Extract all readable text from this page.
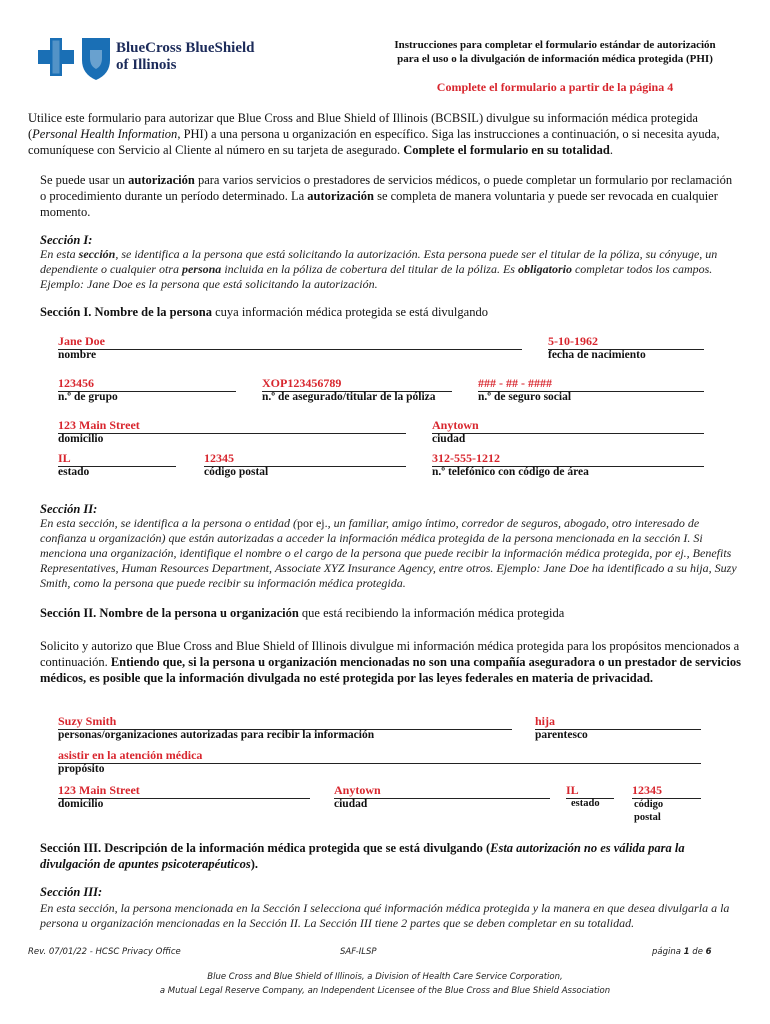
BlueCross BlueShield
of Illinois
Instrucciones para completar el formulario estándar de autorización
para el uso o la divulgación de información médica protegida (PHI)
Complete el formulario a partir de la página 4
Utilice este formulario para autorizar que Blue Cross and Blue Shield of Illinois (BCBSIL) divulgue su información médica protegida (Personal Health Information, PHI) a una persona u organización en específico. Siga las instrucciones a continuación, o si necesita ayuda, comuníquese con Servicio al Cliente al número en su tarjeta de asegurado. Complete el formulario en su totalidad.
Se puede usar un autorización para varios servicios o prestadores de servicios médicos, o puede completar un formulario por reclamación o procedimiento durante un período determinado. La autorización se completa de manera voluntaria y puede ser revocada en cualquier momento.
Sección I:
En esta sección, se identifica a la persona que está solicitando la autorización. Esta persona puede ser el titular de la póliza, su cónyuge, un dependiente o cualquier otra persona incluida en la póliza de cobertura del titular de la póliza. Es obligatorio completar todos los campos. Ejemplo: Jane Doe es la persona que está solicitando la autorización.
Sección I. Nombre de la persona cuya información médica protegida se está divulgando
Jane Doe
nombre
5-10-1962
fecha de nacimiento
123456
n.º de grupo
XOP123456789
n.º de asegurado/titular de la póliza
### - ## - ####
n.º de seguro social
123 Main Street
domicilio
Anytown
ciudad
IL
estado
12345
código postal
312-555-1212
n.º telefónico con código de área
Sección II:
En esta sección, se identifica a la persona o entidad (por ej., un familiar, amigo íntimo, corredor de seguros, abogado, otro interesado de confianza u organización) que están autorizadas a acceder la información médica protegida de la persona mencionada en la sección I. Si menciona una organización, identifique el nombre o el cargo de la persona que puede recibir la información médica protegida, por ej., Benefits Representatives, Human Resources Department, Associate XYZ Insurance Agency, entre otros. Ejemplo: Jane Doe ha identificado a su hija, Suzy Smith, como la persona que puede recibir su información médica protegida.
Sección II. Nombre de la persona u organización que está recibiendo la información médica protegida
Solicito y autorizo que Blue Cross and Blue Shield of Illinois divulgue mi información médica protegida para los propósitos mencionados a continuación. Entiendo que, si la persona u organización mencionadas no son una compañía aseguradora o un prestador de servicios médicos, es posible que la información divulgada no esté protegida por las leyes federales en materia de privacidad.
Suzy Smith
personas/organizaciones autorizadas para recibir la información
hija
parentesco
asistir en la atención médica
propósito
123 Main Street
domicilio
Anytown
ciudad
IL
estado
12345
código postal
Sección III. Descripción de la información médica protegida que se está divulgando (Esta autorización no es válida para la divulgación de apuntes psicoterapéuticos).
Sección III:
En esta sección, la persona mencionada en la Sección I selecciona qué información médica protegida y la manera en que desea divulgarla a la persona u organización mencionadas en la Sección II. La Sección III tiene 2 partes que se deben completar en su totalidad.
Rev. 07/01/22 - HCSC Privacy Office	SAF-ILSP	página 1 de 6
Blue Cross and Blue Shield of Illinois, a Division of Health Care Service Corporation,
a Mutual Legal Reserve Company, an Independent Licensee of the Blue Cross and Blue Shield Association
